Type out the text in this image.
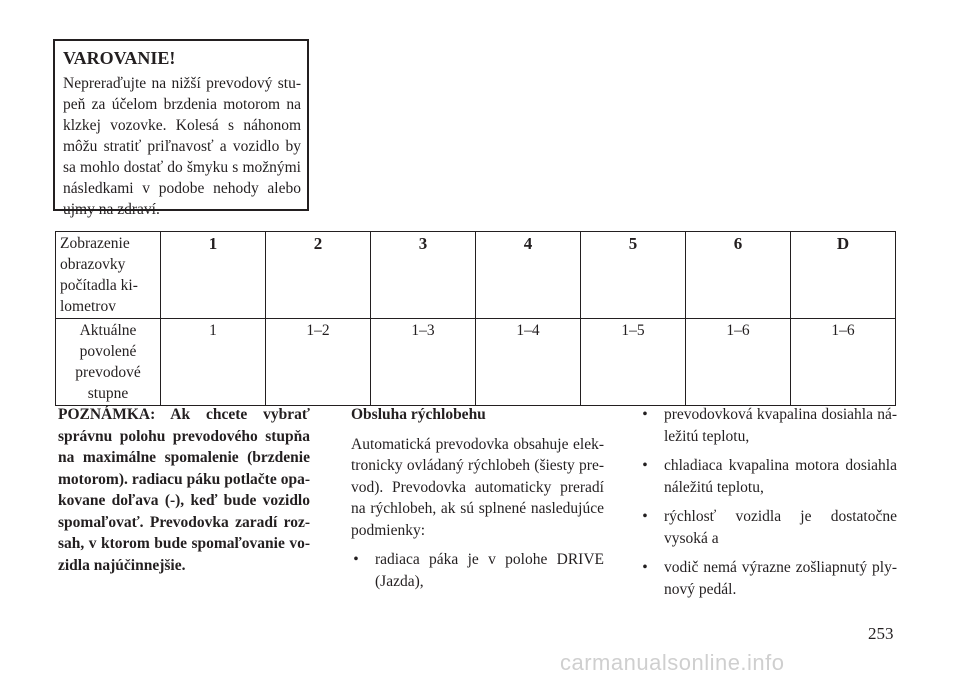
VAROVANIE!

Nepreraďujte na nižší prevodový stu-peň za účelom brzdenia motorom na klzkej vozovke. Kolesá s náhonom môžu stratiť priľnavosť a vozidlo by sa mohlo dostať do šmyku s možnými následkami v podobe nehody alebo ujmy na zdraví.

Zobrazenie obrazovky počítadla ki-lometrov	1	2	3	4	5	6	D
Aktuálne povolené prevodové stupne	1	1–2	1–3	1–4	1–5	1–6	1–6

POZNÁMKA: Ak chcete vybrať správnu polohu prevodového stupňa na maximálne spomalenie (brzdenie motorom). radiacu páku potlačte opa-kovane doľava (-), keď bude vozidlo spomaľovať. Prevodovka zaradí roz-sah, v ktorom bude spomaľovanie vo-zidla najúčinnejšie.

Obsluha rýchlobehu

Automatická prevodovka obsahuje elek-tronicky ovládaný rýchlobeh (šiesty pre-vod). Prevodovka automaticky preradí na rýchlobeh, ak sú splnené nasledujúce podmienky:

• radiaca páka je v polohe DRIVE (Jazda),
• prevodovková kvapalina dosiahla ná-ležitú teplotu,
• chladiaca kvapalina motora dosiahla náležitú teplotu,
• rýchlosť vozidla je dostatočne vysoká a
• vodič nemá výrazne zošliapnutý ply-nový pedál.
253
carmanualsonline.info
